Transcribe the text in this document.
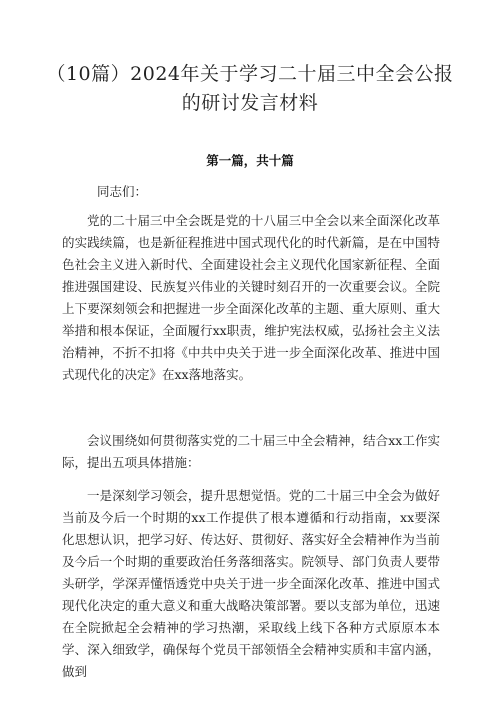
（10篇）2024年关于学习二十届三中全会公报的研讨发言材料
第一篇，共十篇
同志们：
党的二十届三中全会既是党的十八届三中全会以来全面深化改革的实践续篇，也是新征程推进中国式现代化的时代新篇，是在中国特色社会主义进入新时代、全面建设社会主义现代化国家新征程、全面推进强国建设、民族复兴伟业的关键时刻召开的一次重要会议。全院上下要深刻领会和把握进一步全面深化改革的主题、重大原则、重大举措和根本保证，全面履行xx职责，维护宪法权威，弘扬社会主义法治精神，不折不扣将《中共中央关于进一步全面深化改革、推进中国式现代化的决定》在xx落地落实。
会议围绕如何贯彻落实党的二十届三中全会精神，结合xx工作实际，提出五项具体措施：
一是深刻学习领会，提升思想觉悟。党的二十届三中全会为做好当前及今后一个时期的xx工作提供了根本遵循和行动指南，xx要深化思想认识，把学习好、传达好、贯彻好、落实好全会精神作为当前及今后一个时期的重要政治任务落细落实。院领导、部门负责人要带头研学，学深弄懂悟透党中央关于进一步全面深化改革、推进中国式现代化决定的重大意义和重大战略决策部署。要以支部为单位，迅速在全院掀起全会精神的学习热潮，采取线上线下各种方式原原本本学、深入细致学，确保每个党员干部领悟全会精神实质和丰富内涵，做到
